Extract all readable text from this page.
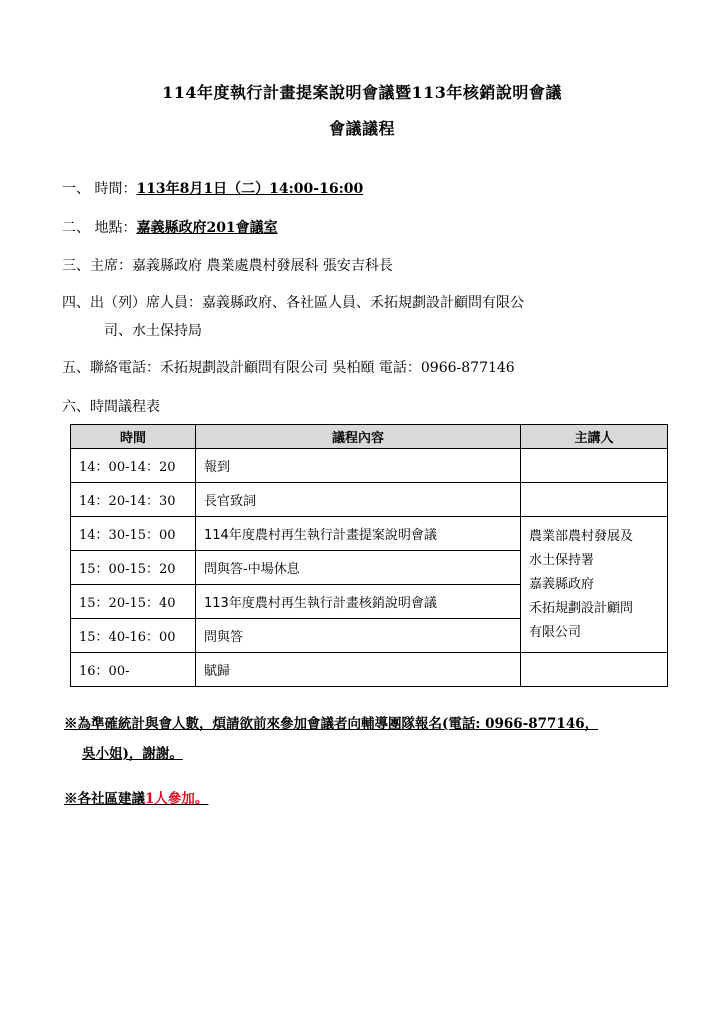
114年度執行計畫提案說明會議暨113年核銷說明會議
會議議程
一、 時間：113年8月1日（二）14:00-16:00
二、 地點：嘉義縣政府201會議室
三、主席：嘉義縣政府 農業處農村發展科 張安吉科長
四、出（列）席人員：嘉義縣政府、各社區人員、禾拓規劃設計顧問有限公
司、水土保持局
五、聯絡電話：禾拓規劃設計顧問有限公司 吳柏頤 電話：0966-877146
六、時間議程表
時間	議程內容	主講人
14：00-14：20	報到	
14：20-14：30	長官致詞	
14：30-15：00	114年度農村再生執行計畫提案說明會議	農業部農村發展及
水土保持署
嘉義縣政府
禾拓規劃設計顧問
有限公司

15：00-15：20	問與答-中場休息	
15：20-15：40	113年度農村再生執行計畫核銷說明會議	
15：40-16：00	問與答	
16：00-	賦歸	
※為準確統計與會人數，煩請欲前來參加會議者向輔導團隊報名(電話: 0966-877146，
吳小姐)，謝謝。
※各社區建議1人參加。
